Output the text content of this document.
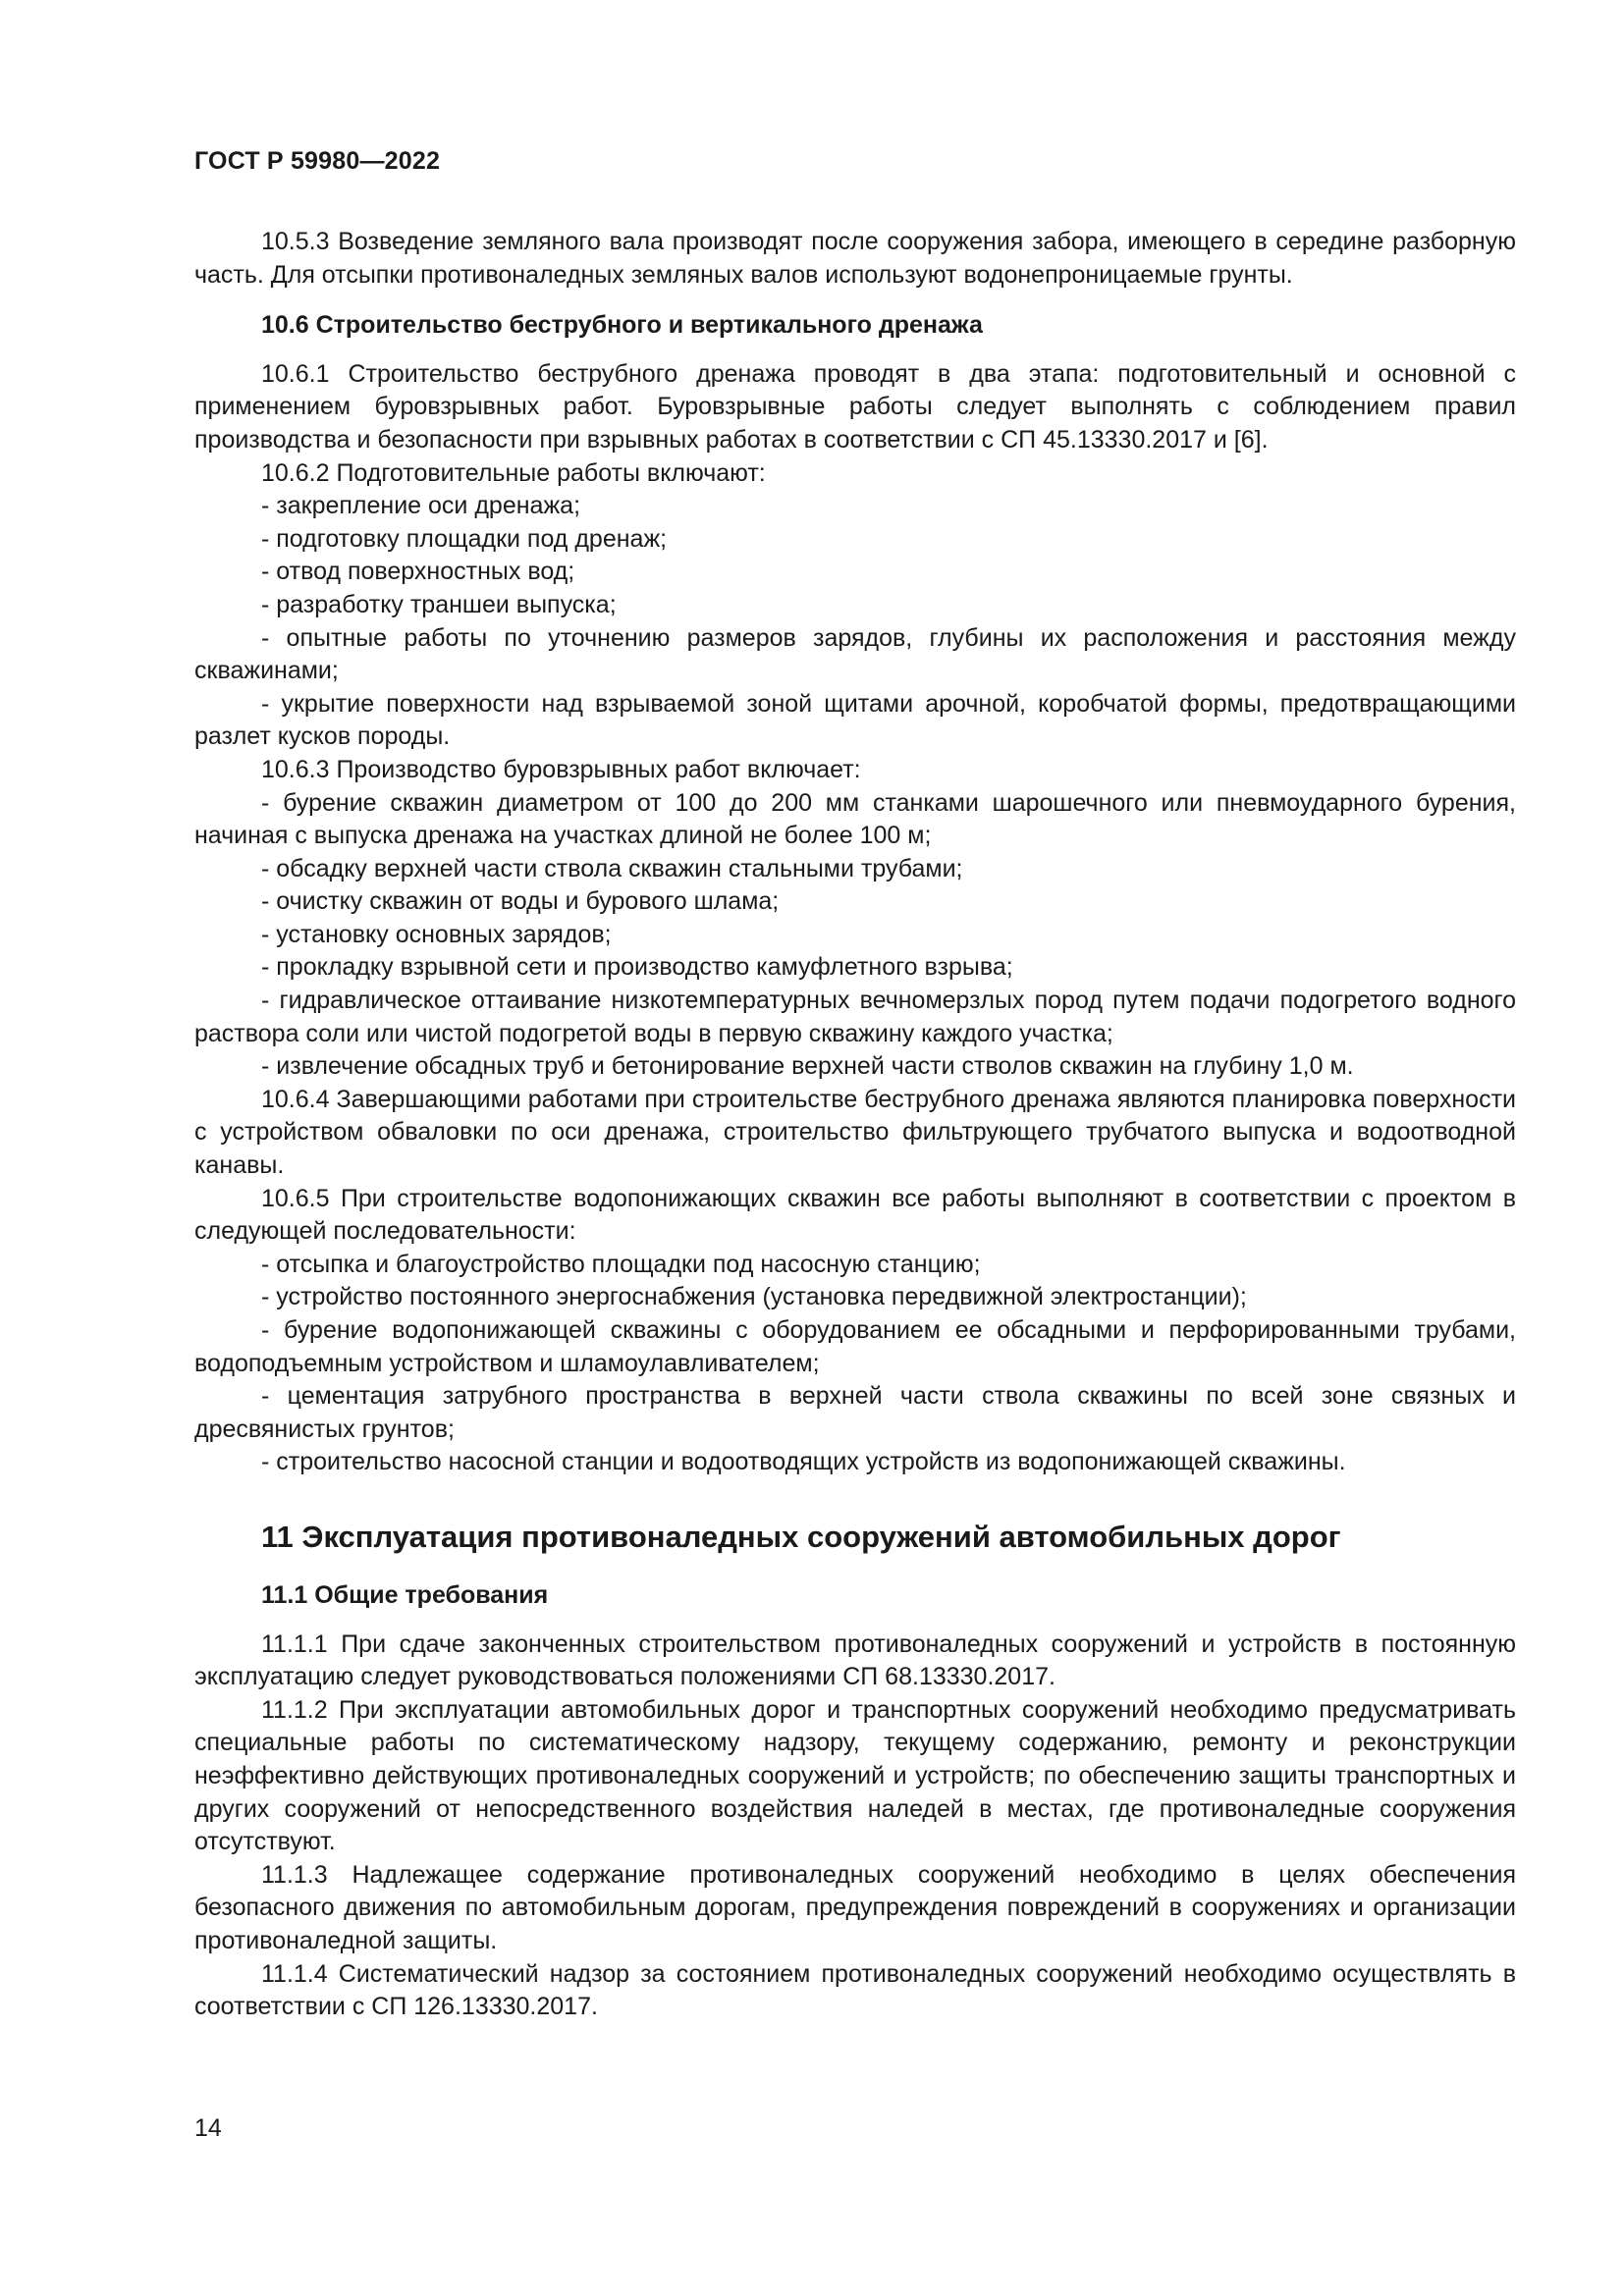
ГОСТ Р 59980—2022

10.5.3 Возведение земляного вала производят после сооружения забора, имеющего в середине разборную часть. Для отсыпки противоналедных земляных валов используют водонепроницаемые грунты.

10.6 Строительство беструбного и вертикального дренажа

10.6.1 Строительство беструбного дренажа проводят в два этапа: подготовительный и основной с применением буровзрывных работ. Буровзрывные работы следует выполнять с соблюдением правил производства и безопасности при взрывных работах в соответствии с СП 45.13330.2017 и [6].

10.6.2 Подготовительные работы включают:

- закрепление оси дренажа;

- подготовку площадки под дренаж;

- отвод поверхностных вод;

- разработку траншеи выпуска;

- опытные работы по уточнению размеров зарядов, глубины их расположения и расстояния между скважинами;

- укрытие поверхности над взрываемой зоной щитами арочной, коробчатой формы, предотвращающими разлет кусков породы.

10.6.3 Производство буровзрывных работ включает:

- бурение скважин диаметром от 100 до 200 мм станками шарошечного или пневмоударного бурения, начиная с выпуска дренажа на участках длиной не более 100 м;

- обсадку верхней части ствола скважин стальными трубами;

- очистку скважин от воды и бурового шлама;

- установку основных зарядов;

- прокладку взрывной сети и производство камуфлетного взрыва;

- гидравлическое оттаивание низкотемпературных вечномерзлых пород путем подачи подогретого водного раствора соли или чистой подогретой воды в первую скважину каждого участка;

- извлечение обсадных труб и бетонирование верхней части стволов скважин на глубину 1,0 м.

10.6.4 Завершающими работами при строительстве беструбного дренажа являются планировка поверхности с устройством обваловки по оси дренажа, строительство фильтрующего трубчатого выпуска и водоотводной канавы.

10.6.5 При строительстве водопонижающих скважин все работы выполняют в соответствии с проектом в следующей последовательности:

- отсыпка и благоустройство площадки под насосную станцию;

- устройство постоянного энергоснабжения (установка передвижной электростанции);

- бурение водопонижающей скважины с оборудованием ее обсадными и перфорированными трубами, водоподъемным устройством и шламоулавливателем;

- цементация затрубного пространства в верхней части ствола скважины по всей зоне связных и дресвянистых грунтов;

- строительство насосной станции и водоотводящих устройств из водопонижающей скважины.

11 Эксплуатация противоналедных сооружений автомобильных дорог

11.1 Общие требования

11.1.1 При сдаче законченных строительством противоналедных сооружений и устройств в постоянную эксплуатацию следует руководствоваться положениями СП 68.13330.2017.

11.1.2 При эксплуатации автомобильных дорог и транспортных сооружений необходимо предусматривать специальные работы по систематическому надзору, текущему содержанию, ремонту и реконструкции неэффективно действующих противоналедных сооружений и устройств; по обеспечению защиты транспортных и других сооружений от непосредственного воздействия наледей в местах, где противоналедные сооружения отсутствуют.

11.1.3 Надлежащее содержание противоналедных сооружений необходимо в целях обеспечения безопасного движения по автомобильным дорогам, предупреждения повреждений в сооружениях и организации противоналедной защиты.

11.1.4 Систематический надзор за состоянием противоналедных сооружений необходимо осуществлять в соответствии с СП 126.13330.2017.

14
